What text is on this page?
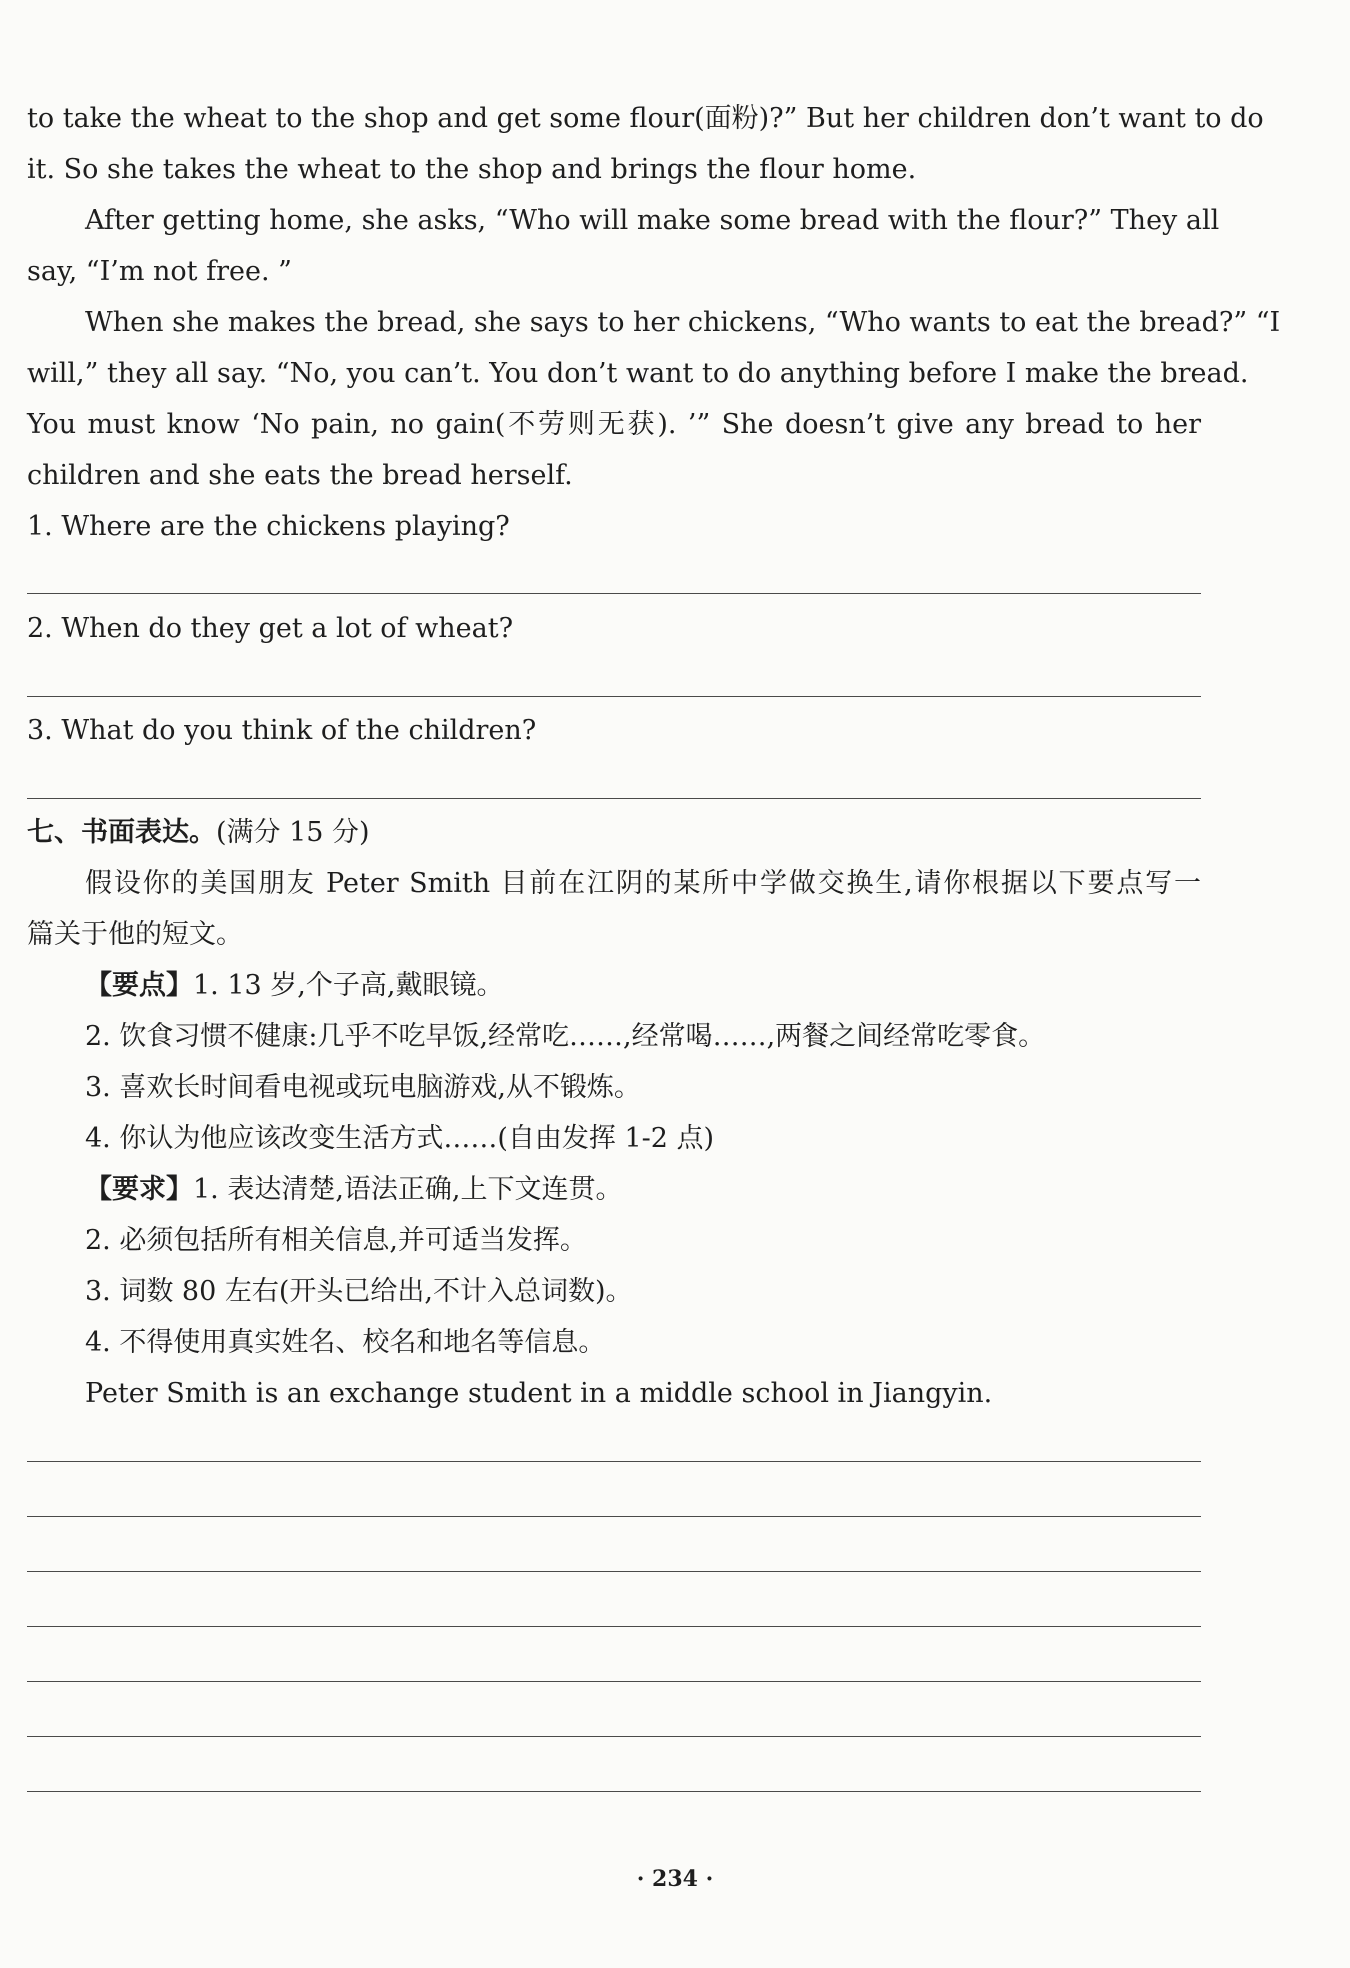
to take the wheat to the shop and get some flour(面粉)?” But her children don’t want to do
it. So she takes the wheat to the shop and brings the flour home.
After getting home, she asks, “Who will make some bread with the flour?” They all
say, “I’m not free. ”
When she makes the bread, she says to her chickens, “Who wants to eat the bread?” “I
will,” they all say. “No, you can’t. You don’t want to do anything before I make the bread.
You must know ‘No pain, no gain(不劳则无获). ’” She doesn’t give any bread to her
children and she eats the bread herself.
1. Where are the chickens playing?
2. When do they get a lot of wheat?
3. What do you think of the children?
七、书面表达。(满分 15 分)
假设你的美国朋友 Peter Smith 目前在江阴的某所中学做交换生,请你根据以下要点写一
篇关于他的短文。
【要点】1. 13 岁,个子高,戴眼镜。
2. 饮食习惯不健康:几乎不吃早饭,经常吃……,经常喝……,两餐之间经常吃零食。
3. 喜欢长时间看电视或玩电脑游戏,从不锻炼。
4. 你认为他应该改变生活方式……(自由发挥 1-2 点)
【要求】1. 表达清楚,语法正确,上下文连贯。
2. 必须包括所有相关信息,并可适当发挥。
3. 词数 80 左右(开头已给出,不计入总词数)。
4. 不得使用真实姓名、校名和地名等信息。
Peter Smith is an exchange student in a middle school in Jiangyin.
· 234 ·
